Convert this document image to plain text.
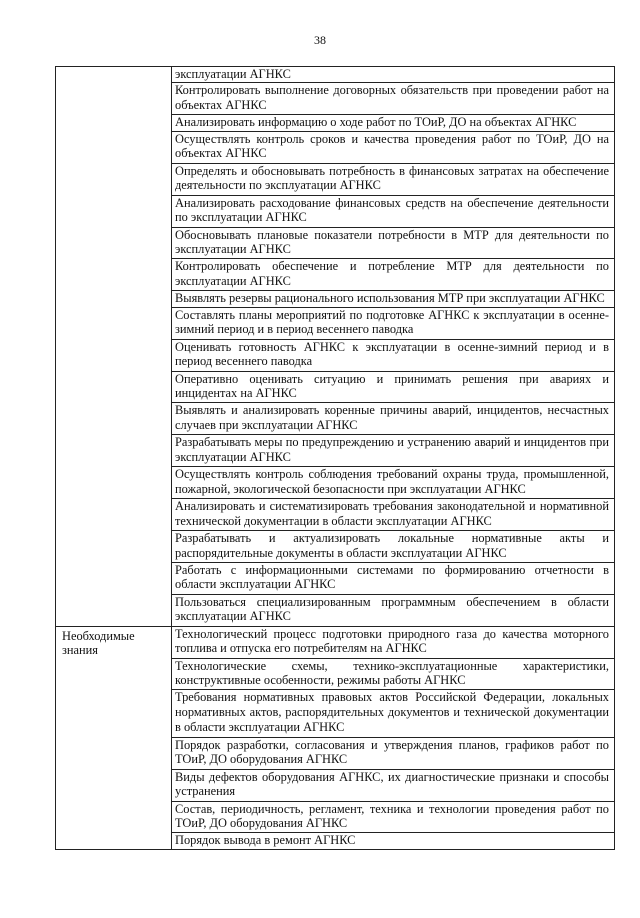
38
	эксплуатации АГНКС
	Контролировать выполнение договорных обязательств при проведении работ на объектах АГНКС
	Анализировать информацию о ходе работ по ТОиР, ДО на объектах АГНКС
	Осуществлять контроль сроков и качества проведения работ по ТОиР, ДО на объектах АГНКС
	Определять и обосновывать потребность в финансовых затратах на обеспечение деятельности по эксплуатации АГНКС
	Анализировать расходование финансовых средств на обеспечение деятельности по эксплуатации АГНКС
	Обосновывать плановые показатели потребности в МТР для деятельности по эксплуатации АГНКС
	Контролировать обеспечение и потребление МТР для деятельности по эксплуатации АГНКС
	Выявлять резервы рационального использования МТР при эксплуатации АГНКС
	Составлять планы мероприятий по подготовке АГНКС к эксплуатации в осенне-зимний период и в период весеннего паводка
	Оценивать готовность АГНКС к эксплуатации в осенне-зимний период и в период весеннего паводка
	Оперативно оценивать ситуацию и принимать решения при авариях и инцидентах на АГНКС
	Выявлять и анализировать коренные причины аварий, инцидентов, несчастных случаев при эксплуатации АГНКС
	Разрабатывать меры по предупреждению и устранению аварий и инцидентов при эксплуатации АГНКС
	Осуществлять контроль соблюдения требований охраны труда, промышленной, пожарной, экологической безопасности при эксплуатации АГНКС
	Анализировать и систематизировать требования законодательной и нормативной технической документации в области эксплуатации АГНКС
	Разрабатывать и актуализировать локальные нормативные акты и распорядительные документы в области эксплуатации АГНКС
	Работать с информационными системами по формированию отчетности в области эксплуатации АГНКС
	Пользоваться специализированным программным обеспечением в области эксплуатации АГНКС
Необходимые знания	Технологический процесс подготовки природного газа до качества моторного топлива и отпуска его потребителям на АГНКС
	Технологические схемы, технико-эксплуатационные характеристики, конструктивные особенности, режимы работы АГНКС
	Требования нормативных правовых актов Российской Федерации, локальных нормативных актов, распорядительных документов и технической документации в области эксплуатации АГНКС
	Порядок разработки, согласования и утверждения планов, графиков работ по ТОиР, ДО оборудования АГНКС
	Виды дефектов оборудования АГНКС, их диагностические признаки и способы устранения
	Состав, периодичность, регламент, техника и технологии проведения работ по ТОиР, ДО оборудования АГНКС
	Порядок вывода в ремонт АГНКС
